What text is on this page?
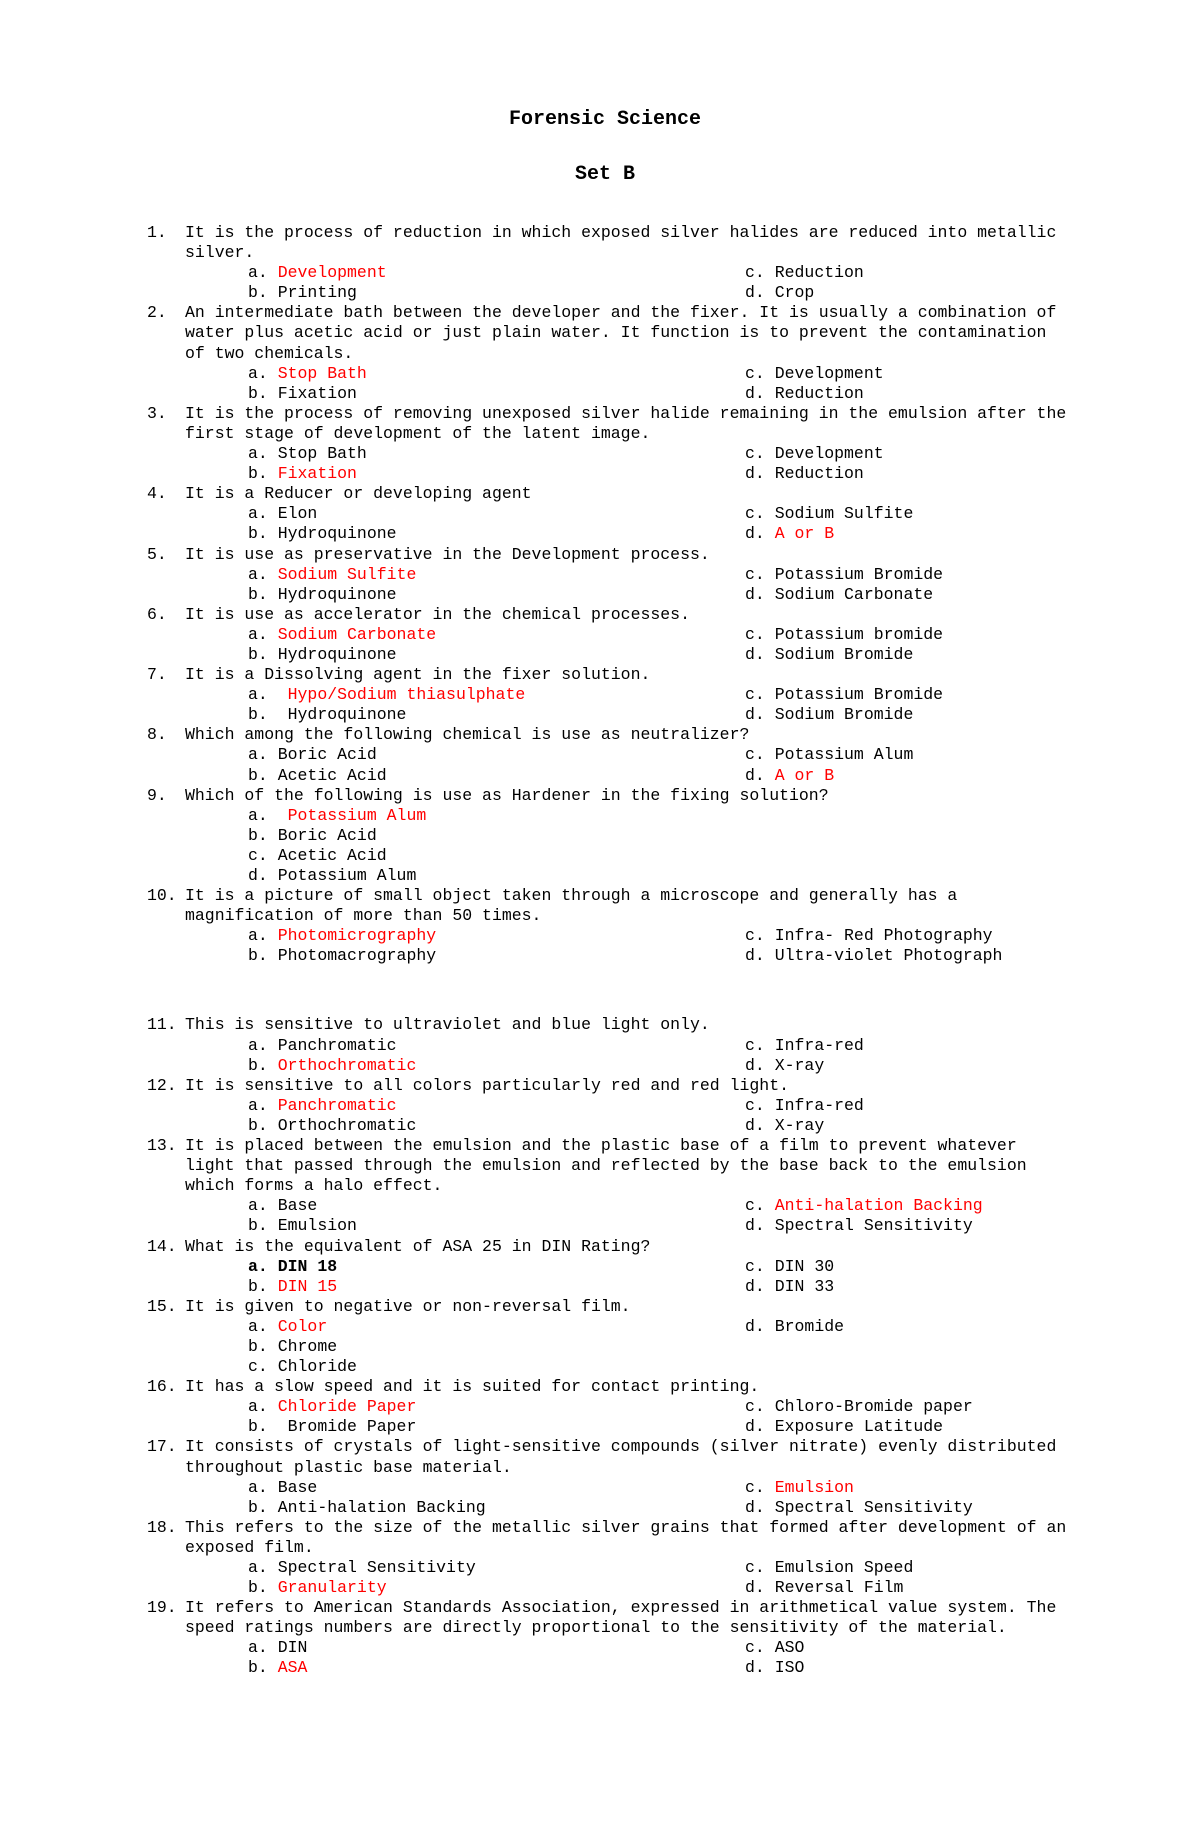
Forensic Science
Set B
1.	It is the process of reduction in which exposed silver halides are reduced into metallic silver.
a. Development	c. Reduction
b. Printing	d. Crop
2.	An intermediate bath between the developer and the fixer. It is usually a combination of water plus acetic acid or just plain water. It function is to prevent the contamination of two chemicals.
a. Stop Bath	c. Development
b. Fixation	d. Reduction
3.	It is the process of removing unexposed silver halide remaining in the emulsion after the first stage of development of the latent image.
a. Stop Bath	c. Development
b. Fixation	d. Reduction
4.	It is a Reducer or developing agent
a. Elon	c. Sodium Sulfite
b. Hydroquinone	d. A or B
5.	It is use as preservative in the Development process.
a. Sodium Sulfite	c. Potassium Bromide
b. Hydroquinone	d. Sodium Carbonate
6.	It is use as accelerator in the chemical processes.
a. Sodium Carbonate	c. Potassium bromide
b. Hydroquinone	d. Sodium Bromide
7.	It is a Dissolving agent in the fixer solution.
a.  Hypo/Sodium thiasulphate	c. Potassium Bromide
b.  Hydroquinone	d. Sodium Bromide
8.	Which among the following chemical is use as neutralizer?
a. Boric Acid	c. Potassium Alum
b. Acetic Acid	d. A or B
9.	Which of the following is use as Hardener in the fixing solution?
a.  Potassium Alum
b. Boric Acid
c. Acetic Acid
d. Potassium Alum
10. It is a picture of small object taken through a microscope and generally has a magnification of more than 50 times.
a. Photomicrography	c. Infra- Red Photography
b. Photomacrography	d. Ultra-violet Photograph
11. This is sensitive to ultraviolet and blue light only.
a. Panchromatic	c. Infra-red
b. Orthochromatic	d. X-ray
12. It is sensitive to all colors particularly red and red light.
a. Panchromatic	c. Infra-red
b. Orthochromatic	d. X-ray
13. It is placed between the emulsion and the plastic base of a film to prevent whatever light that passed through the emulsion and reflected by the base back to the emulsion which forms a halo effect.
a. Base	c. Anti-halation Backing
b. Emulsion	d. Spectral Sensitivity
14. What is the equivalent of ASA 25 in DIN Rating?
a. DIN 18	c. DIN 30
b. DIN 15	d. DIN 33
15. It is given to negative or non-reversal film.
a. Color	d. Bromide
b. Chrome
c. Chloride
16. It has a slow speed and it is suited for contact printing.
a. Chloride Paper	c. Chloro-Bromide paper
b.  Bromide Paper	d. Exposure Latitude
17. It consists of crystals of light-sensitive compounds (silver nitrate) evenly distributed throughout plastic base material.
a. Base	c. Emulsion
b. Anti-halation Backing	d. Spectral Sensitivity
18. This refers to the size of the metallic silver grains that formed after development of an exposed film.
a. Spectral Sensitivity	c. Emulsion Speed
b. Granularity	d. Reversal Film
19. It refers to American Standards Association, expressed in arithmetical value system. The speed ratings numbers are directly proportional to the sensitivity of the material.
a. DIN	c. ASO
b. ASA	d. ISO
